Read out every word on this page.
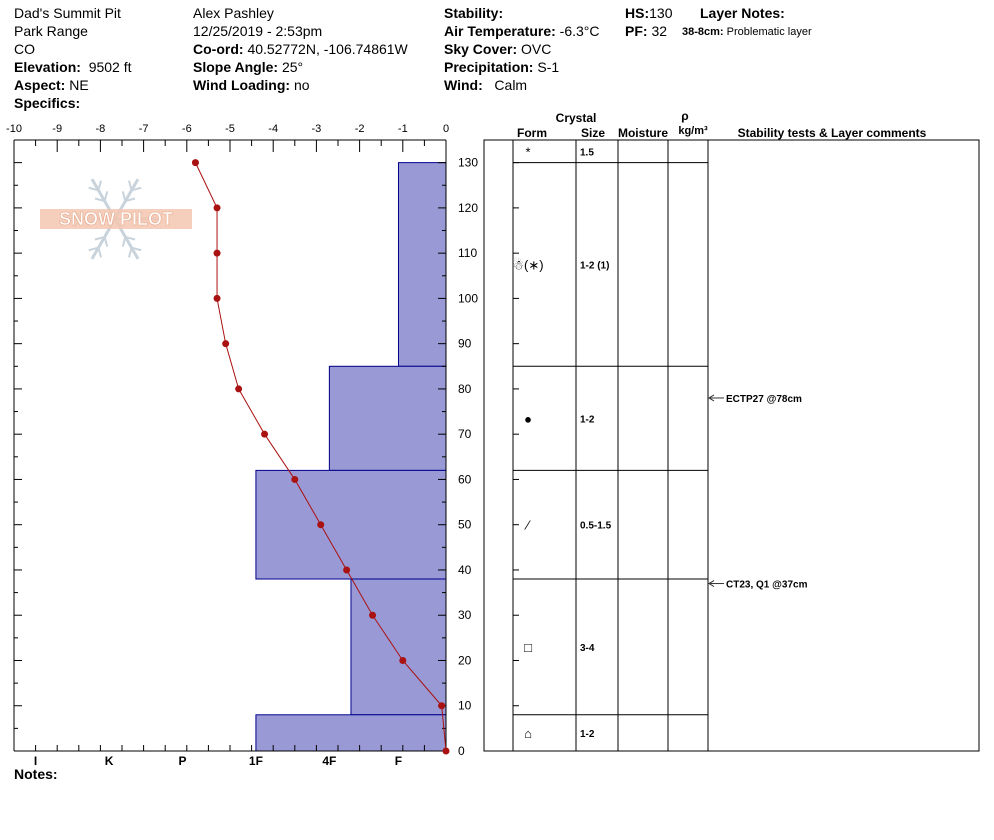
Dad's Summit Pit
Park Range
CO
Elevation: 9502 ft
Aspect: NE
Specifics:
Alex Pashley
12/25/2019 - 2:53pm
Co-ord: 40.52772N, -106.74861W
Slope Angle: 25°
Wind Loading: no
Stability:
Air Temperature: -6.3°C
Sky Cover: OVC
Precipitation: S-1
Wind: Calm
HS:130
PF: 32
Layer Notes:
38-8cm: Problematic layer
Notes:
SNOW PILOT
-10	-9	-8	-7	-6	-5	-4	-3	-2	-1	0
0
10
20
30
40
50
60
70
80
90
100
110
120
130
I	K	P	1F	4F	F
Crystal
Form	Size Moisture
ρ
kg/m³ Stability tests & Layer comments
*	1.5
☃(∗)	1-2 (1)
●	1-2
⁄	0.5-1.5
□	3-4
⌂	1-2
ECTP27 @78cm
CT23, Q1 @37cm
